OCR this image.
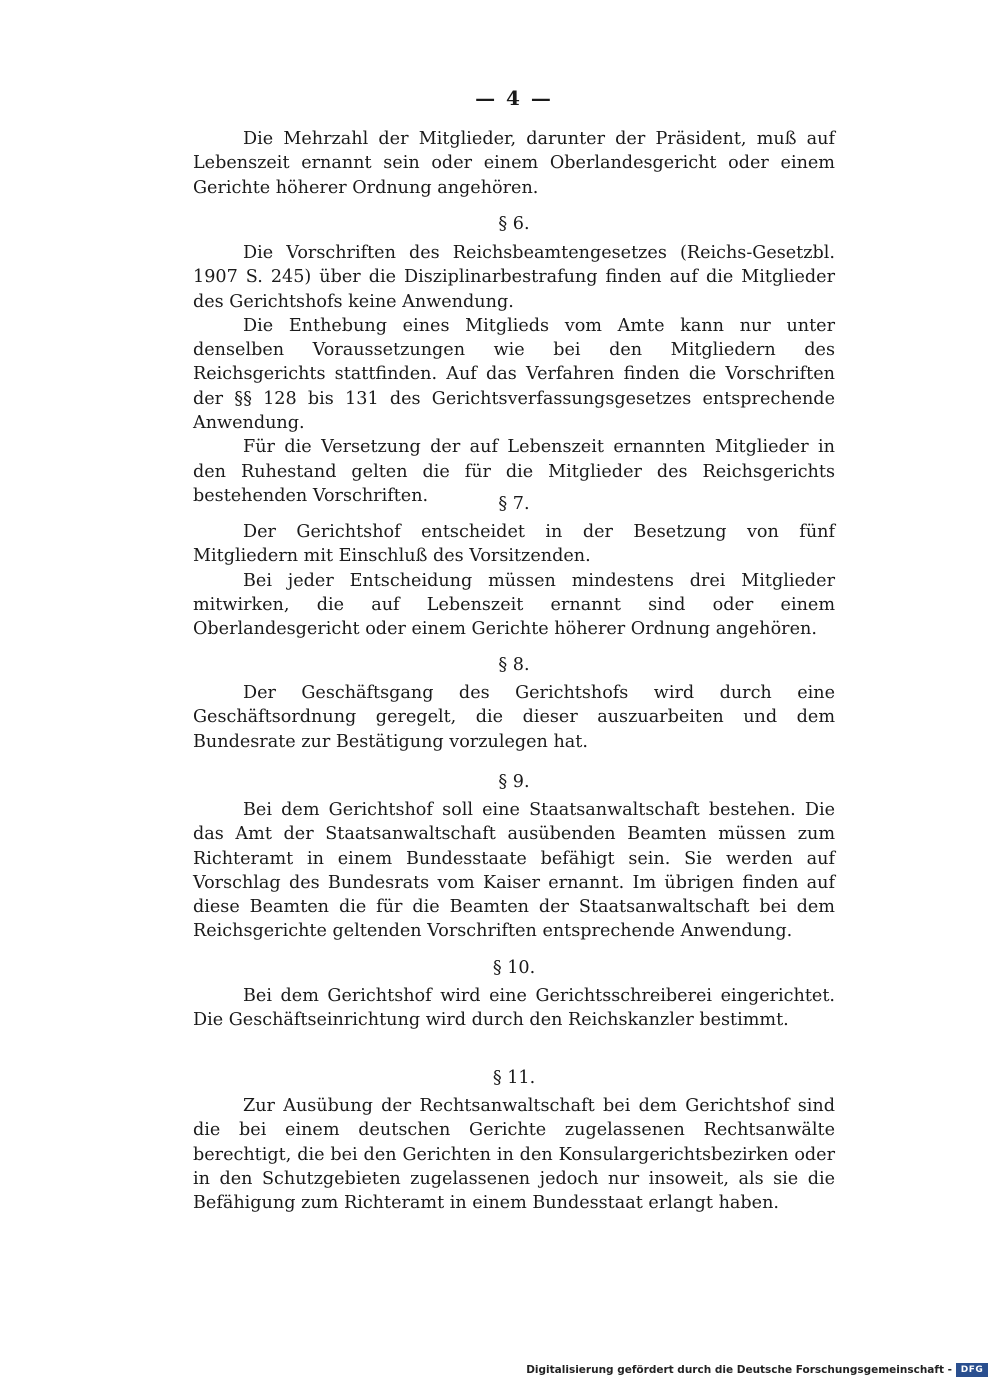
— 4 —

Die Mehrzahl der Mitglieder, darunter der Präsident, muß auf Lebenszeit ernannt sein oder einem Oberlandesgericht oder einem Gerichte höherer Ordnung angehören.

§ 6.

Die Vorschriften des Reichsbeamtengesetzes (Reichs-Gesetzbl. 1907 S. 245) über die Disziplinarbestrafung finden auf die Mitglieder des Gerichtshofs keine Anwendung.

Die Enthebung eines Mitglieds vom Amte kann nur unter denselben Voraussetzungen wie bei den Mitgliedern des Reichsgerichts stattfinden. Auf das Verfahren finden die Vorschriften der §§ 128 bis 131 des Gerichtsverfassungsgesetzes entsprechende Anwendung.

Für die Versetzung der auf Lebenszeit ernannten Mitglieder in den Ruhestand gelten die für die Mitglieder des Reichsgerichts bestehenden Vorschriften.	§ 7.

Der Gerichtshof entscheidet in der Besetzung von fünf Mitgliedern mit Einschluß des Vorsitzenden.

Bei jeder Entscheidung müssen mindestens drei Mitglieder mitwirken, die auf Lebenszeit ernannt sind oder einem Oberlandesgericht oder einem Gerichte höherer Ordnung angehören.

§ 8.

Der Geschäftsgang des Gerichtshofs wird durch eine Geschäftsordnung geregelt, die dieser auszuarbeiten und dem Bundesrate zur Bestätigung vorzulegen hat.

§ 9.

Bei dem Gerichtshof soll eine Staatsanwaltschaft bestehen. Die das Amt der Staatsanwaltschaft ausübenden Beamten müssen zum Richteramt in einem Bundesstaate befähigt sein. Sie werden auf Vorschlag des Bundesrats vom Kaiser ernannt. Im übrigen finden auf diese Beamten die für die Beamten der Staatsanwaltschaft bei dem Reichsgerichte geltenden Vorschriften entsprechende Anwendung.

§ 10.

Bei dem Gerichtshof wird eine Gerichtsschreiberei eingerichtet. Die Geschäftseinrichtung wird durch den Reichskanzler bestimmt.

§ 11.

Zur Ausübung der Rechtsanwaltschaft bei dem Gerichtshof sind die bei einem deutschen Gerichte zugelassenen Rechtsanwälte berechtigt, die bei den Gerichten in den Konsulargerichtsbezirken oder in den Schutzgebieten zugelassenen jedoch nur insoweit, als sie die Befähigung zum Richteramt in einem Bundesstaat erlangt haben.

Digitalisierung gefördert durch die Deutsche Forschungsgemeinschaft - DFG
